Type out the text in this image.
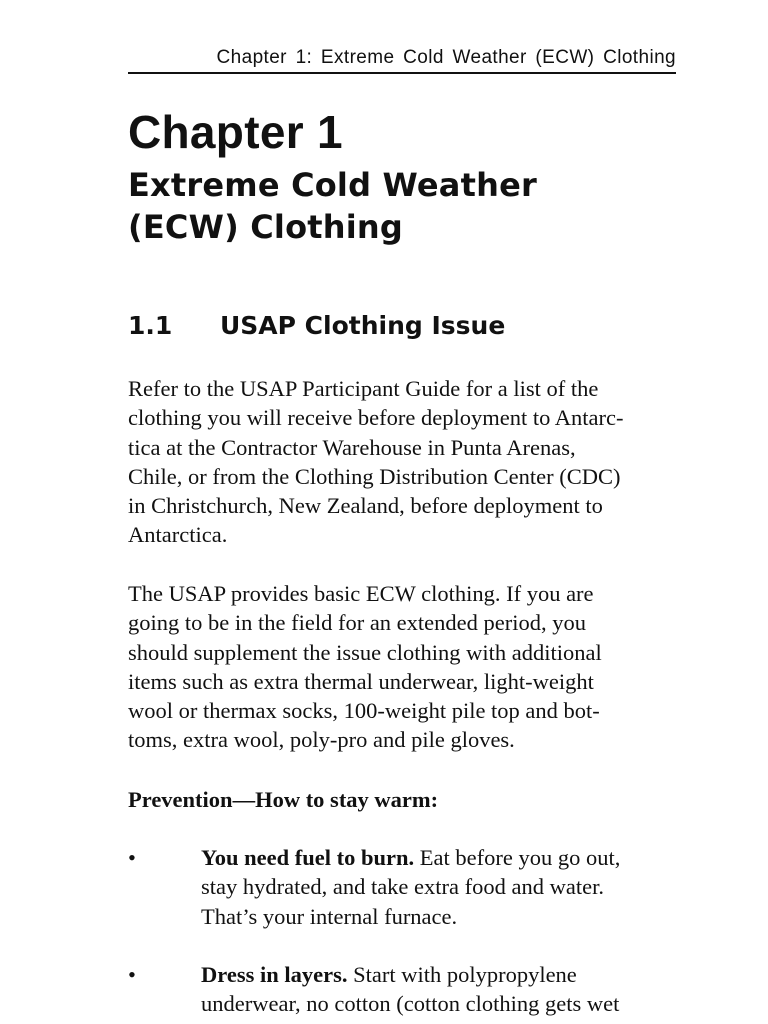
Chapter 1: Extreme Cold Weather (ECW) Clothing
Chapter 1
Extreme Cold Weather
(ECW) Clothing
1.1 USAP Clothing Issue

Refer to the USAP Participant Guide for a list of the
clothing you will receive before deployment to Antarc-
tica at the Contractor Warehouse in Punta Arenas,
Chile, or from the Clothing Distribution Center (CDC)
in Christchurch, New Zealand, before deployment to
Antarctica.

The USAP provides basic ECW clothing. If you are
going to be in the field for an extended period, you
should supplement the issue clothing with additional
items such as extra thermal underwear, light-weight
wool or thermax socks, 100-weight pile top and bot-
toms, extra wool, poly-pro and pile gloves.

Prevention—How to stay warm:
•	You need fuel to burn. Eat before you go out,
stay hydrated, and take extra food and water.
That’s your internal furnace.
•	Dress in layers. Start with polypropylene
underwear, no cotton (cotton clothing gets wet
